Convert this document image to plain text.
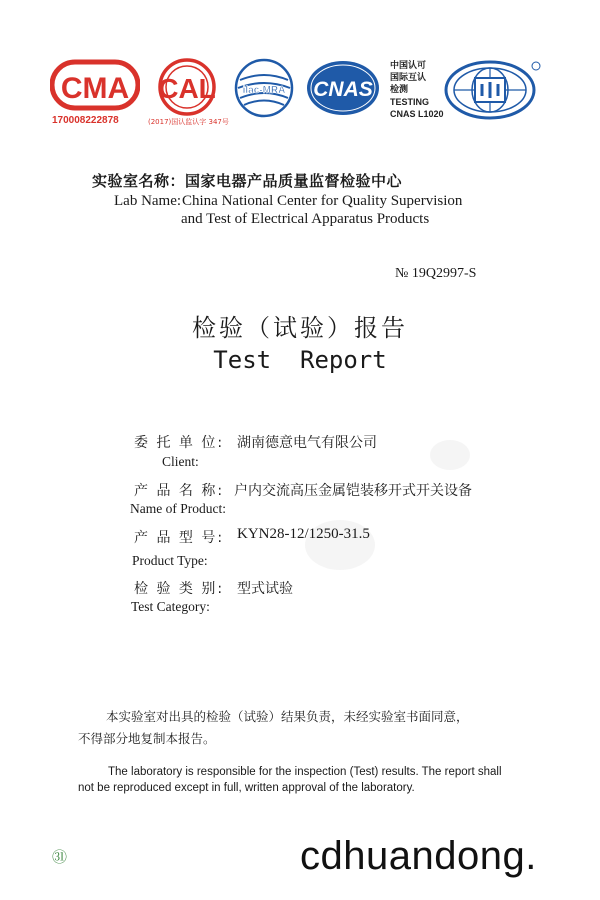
CMA
170008222878	(2017)国认监认字 347号
CAL	ilac-MRA CNAS
中国认可
国际互认
检测
TESTING
CNAS L1020
实验室名称：国家电器产品质量监督检验中心
Lab Name: China National Center for Quality Supervision
and Test of Electrical Apparatus Products
№ 19Q2997-S
检验（试验）报告
Test  Report
委 托 单 位: 湖南德意电气有限公司
Client:
产 品 名 称: 户内交流高压金属铠装移开式开关设备
Name of Product:
产 品 型 号: KYN28-12/1250-31.5
Product Type:
检 验 类 别: 型式试验
Test Category:
本实验室对出具的检验（试验）结果负责，未经实验室书面同意，
不得部分地复制本报告。
The laboratory is responsible for the inspection (Test) results. The report shall
not be reproduced except in full, written approval of the laboratory.
㉛	cdhuandong.
